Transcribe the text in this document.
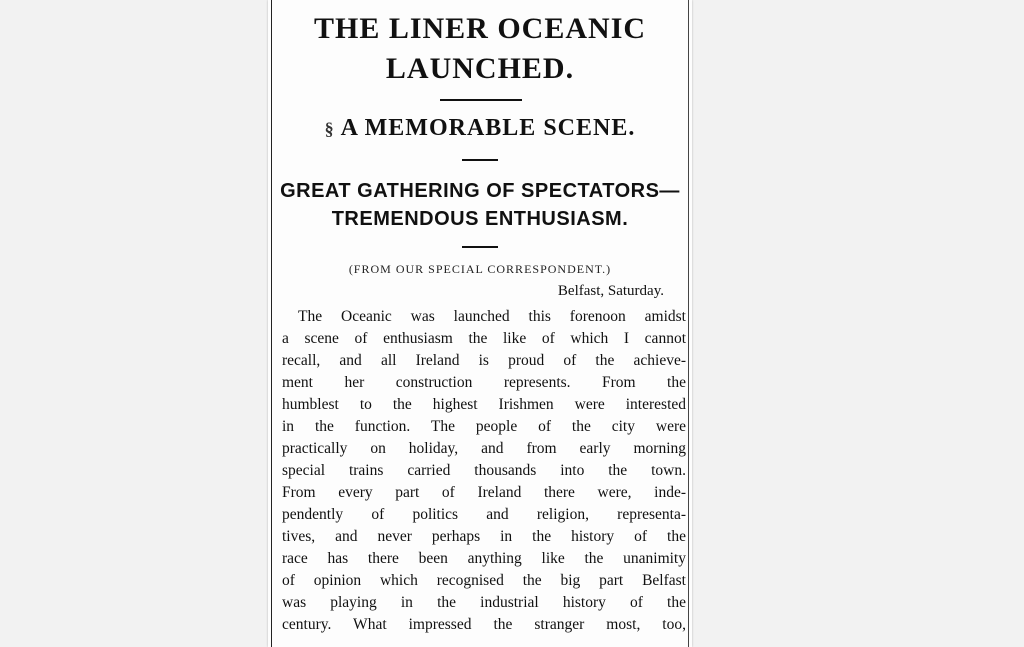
THE LINER OCEANIC
LAUNCHED.
§ A MEMORABLE SCENE.
GREAT GATHERING OF SPECTATORS—
TREMENDOUS ENTHUSIASM.

(FROM OUR SPECIAL CORRESPONDENT.)

Belfast, Saturday.

The Oceanic was launched this forenoon amidst
a scene of enthusiasm the like of which I cannot
recall, and all Ireland is proud of the achieve-
ment her construction represents. From the
humblest to the highest Irishmen were interested
in the function. The people of the city were
practically on holiday, and from early morning
special trains carried thousands into the town.
From every part of Ireland there were, inde-
pendently of politics and religion, representa-
tives, and never perhaps in the history of the
race has there been anything like the unanimity
of opinion which recognised the big part Belfast
was playing in the industrial history of the
century. What impressed the stranger most, too,
